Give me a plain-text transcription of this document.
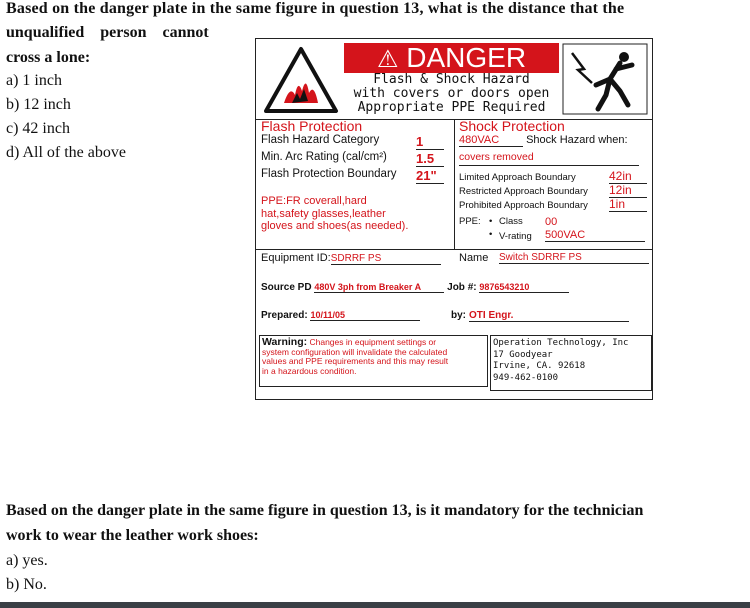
Based on the danger plate in the same figure in question 13, what is the distance that the
unqualified person cannot
cross a lone:
a) 1 inch
b) 12 inch
c) 42 inch
d) All of the above
⚠ DANGER
Flash & Shock Hazard
with covers or doors open
Appropriate PPE Required
Flash Protection
Flash Hazard Category	1
Min. Arc Rating (cal/cm²) 1.5
Flash Protection Boundary 21"
PPE:FR coverall,hard
hat,safety glasses,leather
gloves and shoes(as needed).
Shock Protection
480VAC Shock Hazard when:
covers removed
Limited Approach Boundary	42in
Restricted Approach Boundary 12in
Prohibited Approach Boundary 1in
PPE: • Class 00
• V-rating 500VAC
Equipment ID:SDRRF PS	Name Switch SDRRF PS
Source PD 480V 3ph from Breaker A	Job #: 9876543210
Prepared: 10/11/05	by: OTI Engr.
Warning: Changes in equipment settings or
system configuration will invalidate the calculated
values and PPE requirements and this may result
in a hazardous condition.
Operation Technology, Inc
17 Goodyear
Irvine, CA. 92618
949-462-0100
Based on the danger plate in the same figure in question 13, is it mandatory for the technician
work to wear the leather work shoes:
a) yes.
b) No.
